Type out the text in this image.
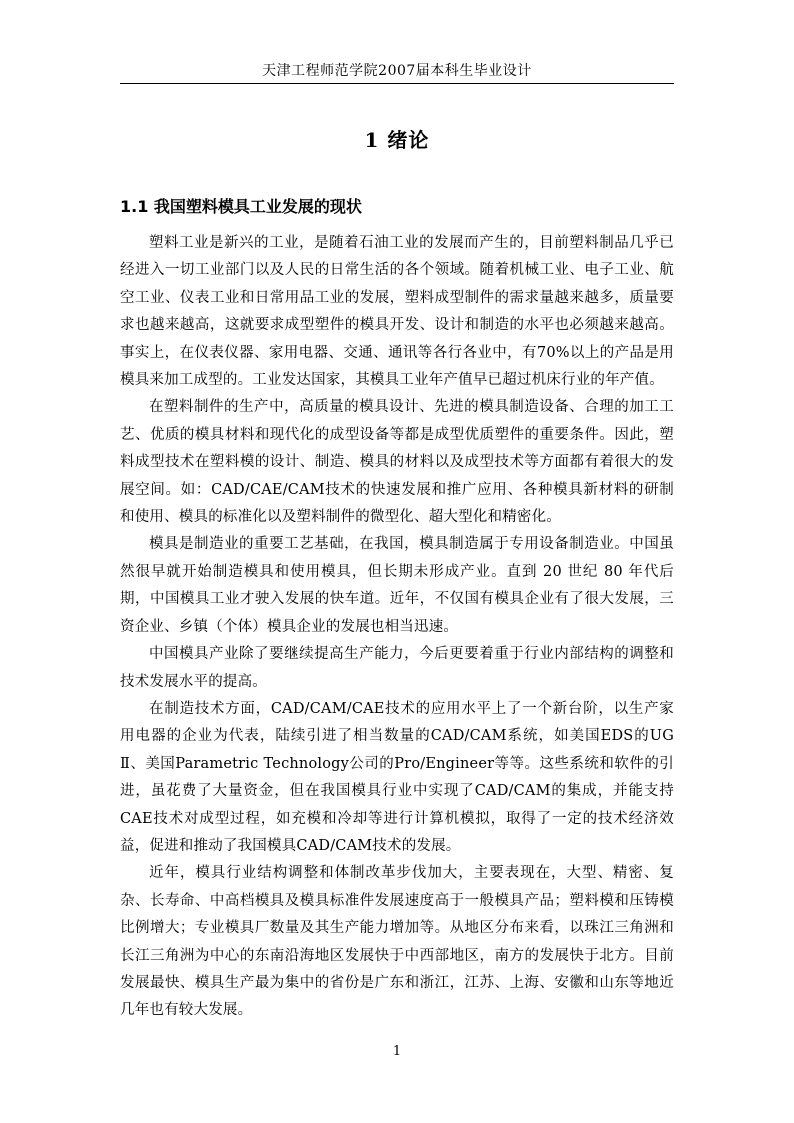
天津工程师范学院2007届本科生毕业设计
1 绪论
1.1 我国塑料模具工业发展的现状

塑料工业是新兴的工业，是随着石油工业的发展而产生的，目前塑料制品几乎已经进入一切工业部门以及人民的日常生活的各个领域。随着机械工业、电子工业、航空工业、仪表工业和日常用品工业的发展，塑料成型制件的需求量越来越多，质量要求也越来越高，这就要求成型塑件的模具开发、设计和制造的水平也必须越来越高。事实上，在仪表仪器、家用电器、交通、通讯等各行各业中，有70%以上的产品是用模具来加工成型的。工业发达国家，其模具工业年产值早已超过机床行业的年产值。

在塑料制件的生产中，高质量的模具设计、先进的模具制造设备、合理的加工工艺、优质的模具材料和现代化的成型设备等都是成型优质塑件的重要条件。因此，塑料成型技术在塑料模的设计、制造、模具的材料以及成型技术等方面都有着很大的发展空间。如：CAD/CAE/CAM技术的快速发展和推广应用、各种模具新材料的研制和使用、模具的标准化以及塑料制件的微型化、超大型化和精密化。

模具是制造业的重要工艺基础，在我国，模具制造属于专用设备制造业。中国虽然很早就开始制造模具和使用模具，但长期未形成产业。直到 20 世纪 80 年代后期，中国模具工业才驶入发展的快车道。近年，不仅国有模具企业有了很大发展，三资企业、乡镇（个体）模具企业的发展也相当迅速。

中国模具产业除了要继续提高生产能力，今后更要着重于行业内部结构的调整和技术发展水平的提高。

在制造技术方面，CAD/CAM/CAE技术的应用水平上了一个新台阶，以生产家用电器的企业为代表，陆续引进了相当数量的CAD/CAM系统，如美国EDS的UG Ⅱ、美国Parametric Technology公司的Pro/Engineer等等。这些系统和软件的引进，虽花费了大量资金，但在我国模具行业中实现了CAD/CAM的集成，并能支持CAE技术对成型过程，如充模和冷却等进行计算机模拟，取得了一定的技术经济效益，促进和推动了我国模具CAD/CAM技术的发展。

近年，模具行业结构调整和体制改革步伐加大，主要表现在，大型、精密、复杂、长寿命、中高档模具及模具标准件发展速度高于一般模具产品；塑料模和压铸模比例增大；专业模具厂数量及其生产能力增加等。从地区分布来看，以珠江三角洲和长江三角洲为中心的东南沿海地区发展快于中西部地区，南方的发展快于北方。目前发展最快、模具生产最为集中的省份是广东和浙江，江苏、上海、安徽和山东等地近几年也有较大发展。

1
